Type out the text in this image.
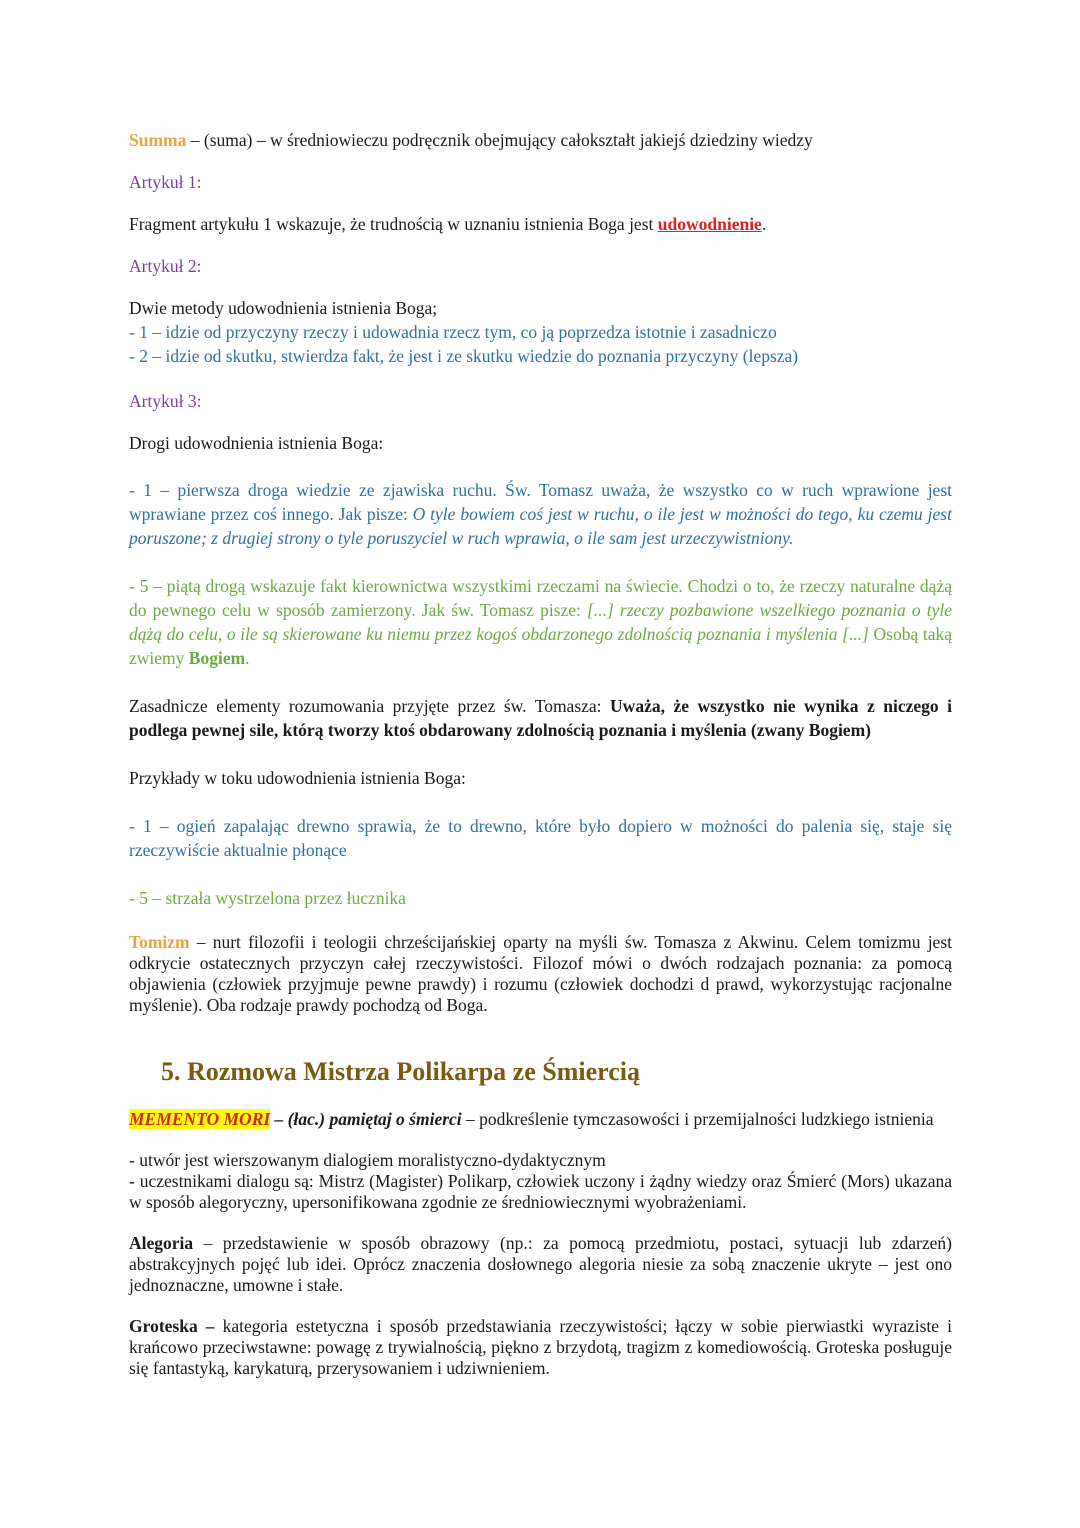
Summa – (suma) – w średniowieczu podręcznik obejmujący całokształt jakiejś dziedziny wiedzy

Artykuł 1:

Fragment artykułu 1 wskazuje, że trudnością w uznaniu istnienia Boga jest udowodnienie.

Artykuł 2:

Dwie metody udowodnienia istnienia Boga;

- 1 – idzie od przyczyny rzeczy i udowadnia rzecz tym, co ją poprzedza istotnie i zasadniczo

- 2 – idzie od skutku, stwierdza fakt, że jest i ze skutku wiedzie do poznania przyczyny (lepsza)

Artykuł 3:

Drogi udowodnienia istnienia Boga:

- 1 – pierwsza droga wiedzie ze zjawiska ruchu. Św. Tomasz uważa, że wszystko co w ruch wprawione jest wprawiane przez coś innego. Jak pisze: O tyle bowiem coś jest w ruchu, o ile jest w możności do tego, ku czemu jest poruszone; z drugiej strony o tyle poruszyciel w ruch wprawia, o ile sam jest urzeczywistniony.

- 5 – piątą drogą wskazuje fakt kierownictwa wszystkimi rzeczami na świecie. Chodzi o to, że rzeczy naturalne dążą do pewnego celu w sposób zamierzony. Jak św. Tomasz pisze: [...] rzeczy pozbawione wszelkiego poznania o tyle dążą do celu, o ile są skierowane ku niemu przez kogoś obdarzonego zdolnością poznania i myślenia [...] Osobą taką zwiemy Bogiem.

Zasadnicze elementy rozumowania przyjęte przez św. Tomasza: Uważa, że wszystko nie wynika z niczego i podlega pewnej sile, którą tworzy ktoś obdarowany zdolnością poznania i myślenia (zwany Bogiem)

Przykłady w toku udowodnienia istnienia Boga:

- 1 – ogień zapalając drewno sprawia, że to drewno, które było dopiero w możności do palenia się, staje się rzeczywiście aktualnie płonące

- 5 – strzała wystrzelona przez łucznika

Tomizm – nurt filozofii i teologii chrześcijańskiej oparty na myśli św. Tomasza z Akwinu. Celem tomizmu jest odkrycie ostatecznych przyczyn całej rzeczywistości. Filozof mówi o dwóch rodzajach poznania: za pomocą objawienia (człowiek przyjmuje pewne prawdy) i rozumu (człowiek dochodzi d prawd, wykorzystując racjonalne myślenie). Oba rodzaje prawdy pochodzą od Boga.

5. Rozmowa Mistrza Polikarpa ze Śmiercią

MEMENTO MORI – (łac.) pamiętaj o śmierci – podkreślenie tymczasowości i przemijalności ludzkiego istnienia

- utwór jest wierszowanym dialogiem moralistyczno-dydaktycznym

- uczestnikami dialogu są: Mistrz (Magister) Polikarp, człowiek uczony i żądny wiedzy oraz Śmierć (Mors) ukazana w sposób alegoryczny, upersonifikowana zgodnie ze średniowiecznymi wyobrażeniami.

Alegoria – przedstawienie w sposób obrazowy (np.: za pomocą przedmiotu, postaci, sytuacji lub zdarzeń) abstrakcyjnych pojęć lub idei. Oprócz znaczenia dosłownego alegoria niesie za sobą znaczenie ukryte – jest ono jednoznaczne, umowne i stałe.

Groteska – kategoria estetyczna i sposób przedstawiania rzeczywistości; łączy w sobie pierwiastki wyraziste i krańcowo przeciwstawne: powagę z trywialnością, piękno z brzydotą, tragizm z komediowością. Groteska posługuje się fantastyką, karykaturą, przerysowaniem i udziwnieniem.
